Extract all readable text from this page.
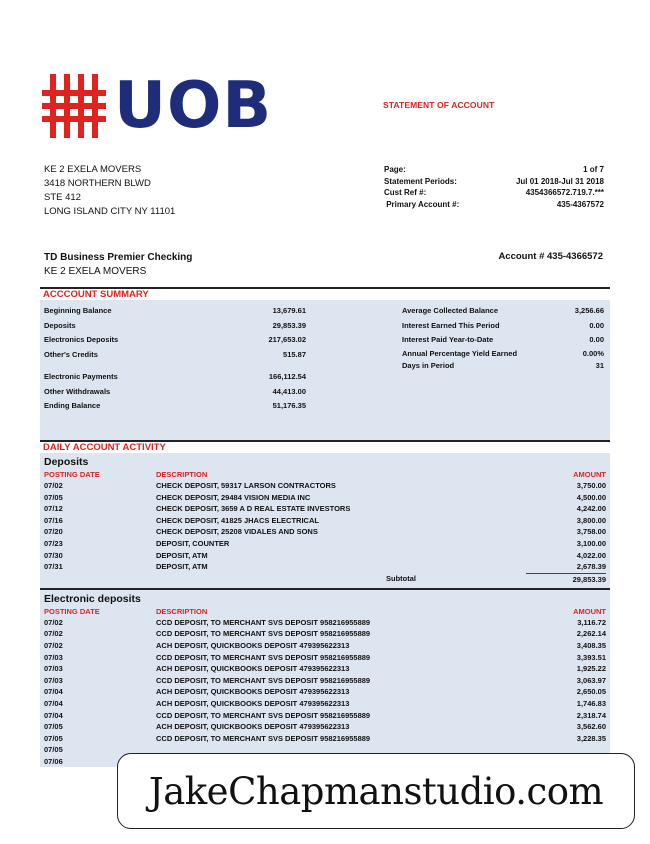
UOB	STATEMENT OF ACCOUNT
KE 2 EXELA MOVERS
3418 NORTHERN BLWD
STE 412
LONG ISLAND CITY NY 11101
Page:	1 of 7
Statement Periods:	Jul 01 2018-Jul 31 2018
Cust Ref #:	4354366572.719.7.***
Primary Account #:	435-4367572
TD Business Premier Checking
KE 2 EXELA MOVERS
Account # 435-4366572
ACCCOUNT SUMMARY
Beginning Balance	13,679.61
Deposits	29,853.39
Electronics Deposits	217,653.02
Other's Credits	515.87
Electronic Payments	166,112.54
Other Withdrawals	44,413.00
Ending Balance	51,176.35
Average Collected Balance	3,256.66
Interest Earned This Period	0.00
Interest Paid Year-to-Date	0.00
Annual Percentage Yield Earned	0.00%
Days in Period	31
DAILY ACCOUNT ACTIVITY
Deposits
POSTING DATE	DESCRIPTION	AMOUNT
07/02	CHECK DEPOSIT, 59317 LARSON CONTRACTORS	3,750.00
07/05	CHECK DEPOSIT, 29484 VISION MEDIA INC	4,500.00
07/12	CHECK DEPOSIT, 3659 A D REAL ESTATE INVESTORS	4,242.00
07/16	CHECK DEPOSIT, 41825 JHACS ELECTRICAL	3,800.00
07/20	CHECK DEPOSIT, 25208 VIDALES AND SONS	3,758.00
07/23	DEPOSIT, COUNTER	3,100.00
07/30	DEPOSIT, ATM	4,022.00
07/31	DEPOSIT, ATM	2,678.39
Subtotal	29,853.39
Electronic deposits
POSTING DATE	DESCRIPTION	AMOUNT
07/02	CCD DEPOSIT, TO MERCHANT SVS DEPOSIT 958216955889	3,116.72
07/02	CCD DEPOSIT, TO MERCHANT SVS DEPOSIT 958216955889	2,262.14
07/02	ACH DEPOSIT, QUICKBOOKS DEPOSIT 479395622313	3,408.35
07/03	CCD DEPOSIT, TO MERCHANT SVS DEPOSIT 958216955889	3,393.51
07/03	ACH DEPOSIT, QUICKBOOKS DEPOSIT 479395622313	1,925.22
07/03	CCD DEPOSIT, TO MERCHANT SVS DEPOSIT 958216955889	3,063.97
07/04	ACH DEPOSIT, QUICKBOOKS DEPOSIT 479395622313	2,650.05
07/04	ACH DEPOSIT, QUICKBOOKS DEPOSIT 479395622313	1,746.83
07/04	CCD DEPOSIT, TO MERCHANT SVS DEPOSIT 958216955889	2,318.74
07/05	ACH DEPOSIT, QUICKBOOKS DEPOSIT 479395622313	3,562.60
07/05	CCD DEPOSIT, TO MERCHANT SVS DEPOSIT 958216955889	3,228.35
07/05
07/06
JakeChapmanstudio.com
